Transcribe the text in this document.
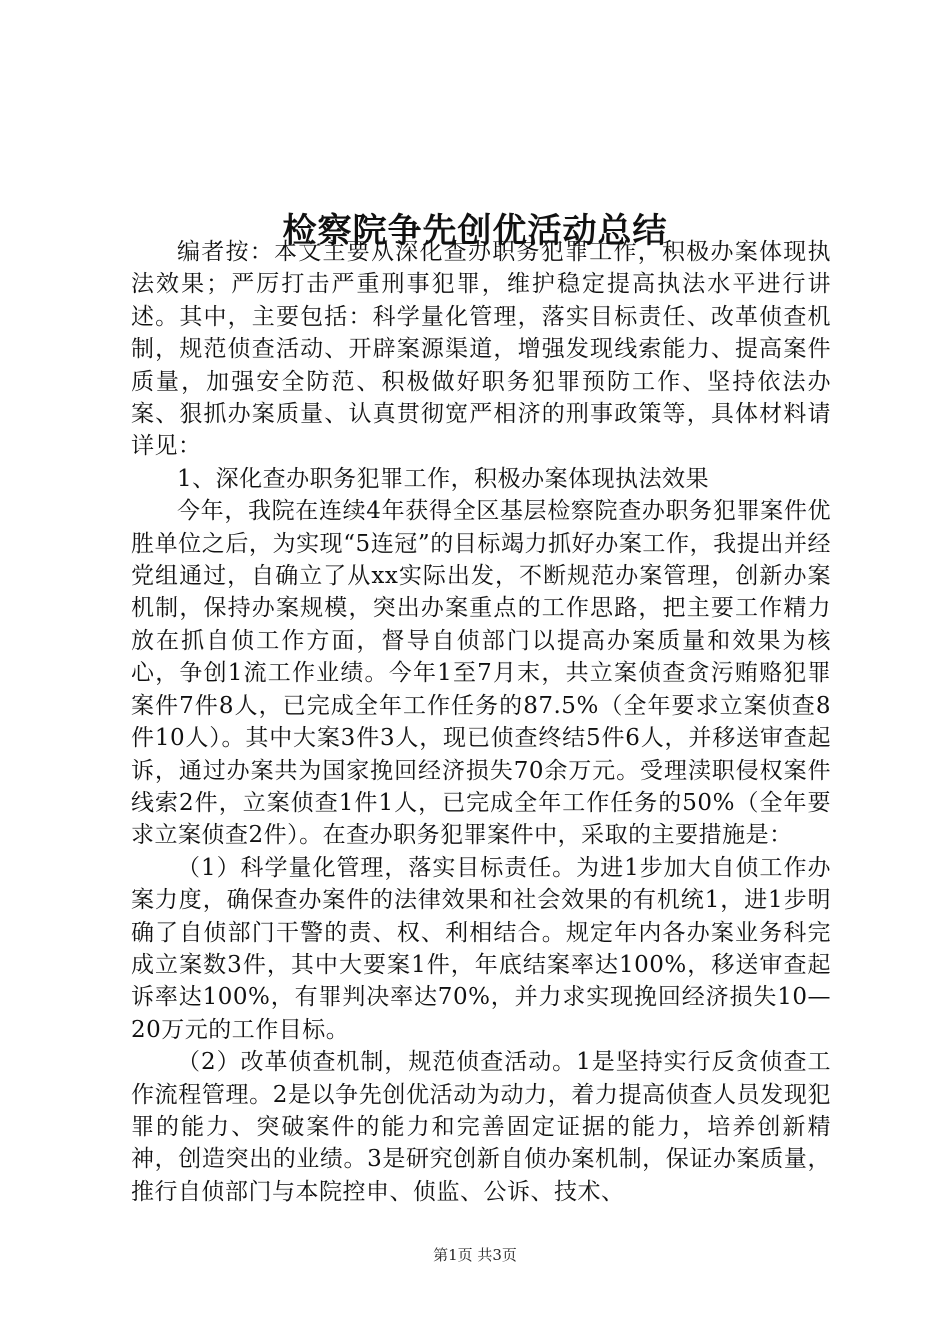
检察院争先创优活动总结

编者按：本文主要从深化查办职务犯罪工作，积极办案体现执法效果；严厉打击严重刑事犯罪，维护稳定提高执法水平进行讲述。其中，主要包括：科学量化管理，落实目标责任、改革侦查机制，规范侦查活动、开辟案源渠道，增强发现线索能力、提高案件质量，加强安全防范、积极做好职务犯罪预防工作、坚持依法办案、狠抓办案质量、认真贯彻宽严相济的刑事政策等，具体材料请详见：

1、深化查办职务犯罪工作，积极办案体现执法效果

今年，我院在连续4年获得全区基层检察院查办职务犯罪案件优胜单位之后，为实现“5连冠”的目标竭力抓好办案工作，我提出并经党组通过，自确立了从xx实际出发，不断规范办案管理，创新办案机制，保持办案规模，突出办案重点的工作思路，把主要工作精力放在抓自侦工作方面，督导自侦部门以提高办案质量和效果为核心，争创1流工作业绩。今年1至7月末，共立案侦查贪污贿赂犯罪案件7件8人，已完成全年工作任务的87.5%（全年要求立案侦查8件10人）。其中大案3件3人，现已侦查终结5件6人，并移送审查起诉，通过办案共为国家挽回经济损失70余万元。受理渎职侵权案件线索2件，立案侦查1件1人，已完成全年工作任务的50%（全年要求立案侦查2件）。在查办职务犯罪案件中，采取的主要措施是：

（1）科学量化管理，落实目标责任。为进1步加大自侦工作办案力度，确保查办案件的法律效果和社会效果的有机统1，进1步明确了自侦部门干警的责、权、利相结合。规定年内各办案业务科完成立案数3件，其中大要案1件，年底结案率达100%，移送审查起诉率达100%，有罪判决率达70%，并力求实现挽回经济损失10—20万元的工作目标。

（2）改革侦查机制，规范侦查活动。1是坚持实行反贪侦查工作流程管理。2是以争先创优活动为动力，着力提高侦查人员发现犯罪的能力、突破案件的能力和完善固定证据的能力，培养创新精神，创造突出的业绩。3是研究创新自侦办案机制，保证办案质量，推行自侦部门与本院控申、侦监、公诉、技术、

第1页 共3页
